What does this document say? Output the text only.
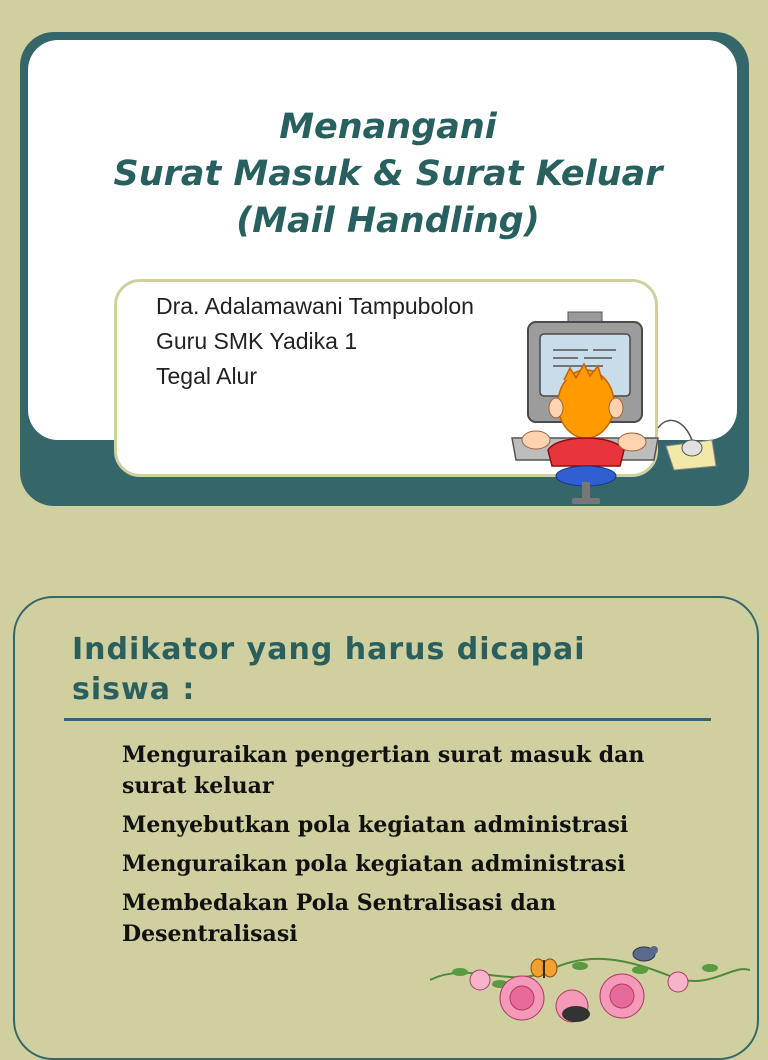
Menangani
Surat Masuk & Surat Keluar
(Mail Handling)
Dra. Adalamawani Tampubolon
Guru SMK Yadika 1
Tegal Alur
Indikator yang harus dicapai
siswa :
Menguraikan pengertian surat masuk dan surat keluar
Menyebutkan pola kegiatan administrasi
Menguraikan pola kegiatan administrasi
Membedakan Pola Sentralisasi dan Desentralisasi
